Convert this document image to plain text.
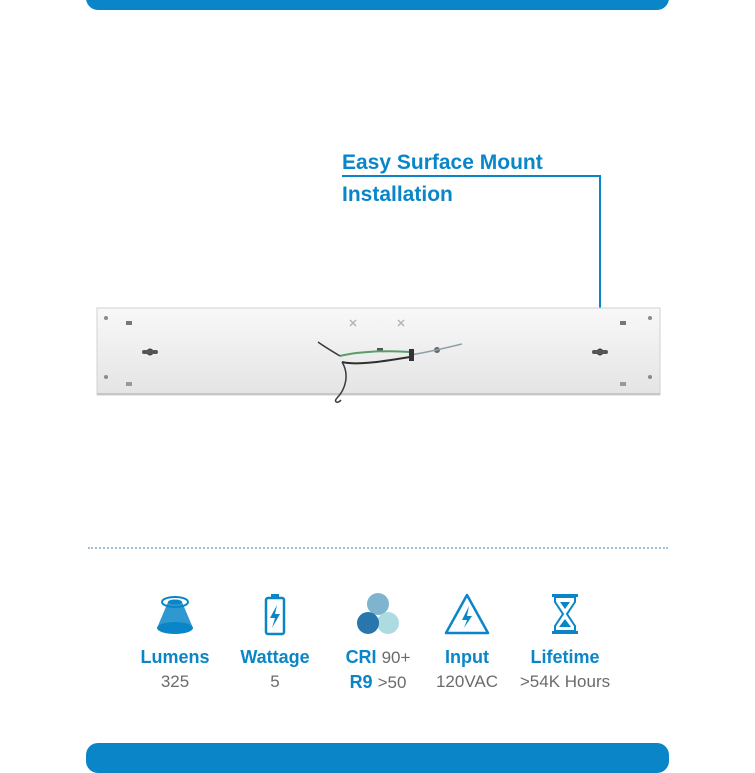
Easy Surface Mount
Installation
Lumens
325
Wattage
5
CRI 90+
R9 >50
Input
120VAC
Lifetime
>54K Hours
